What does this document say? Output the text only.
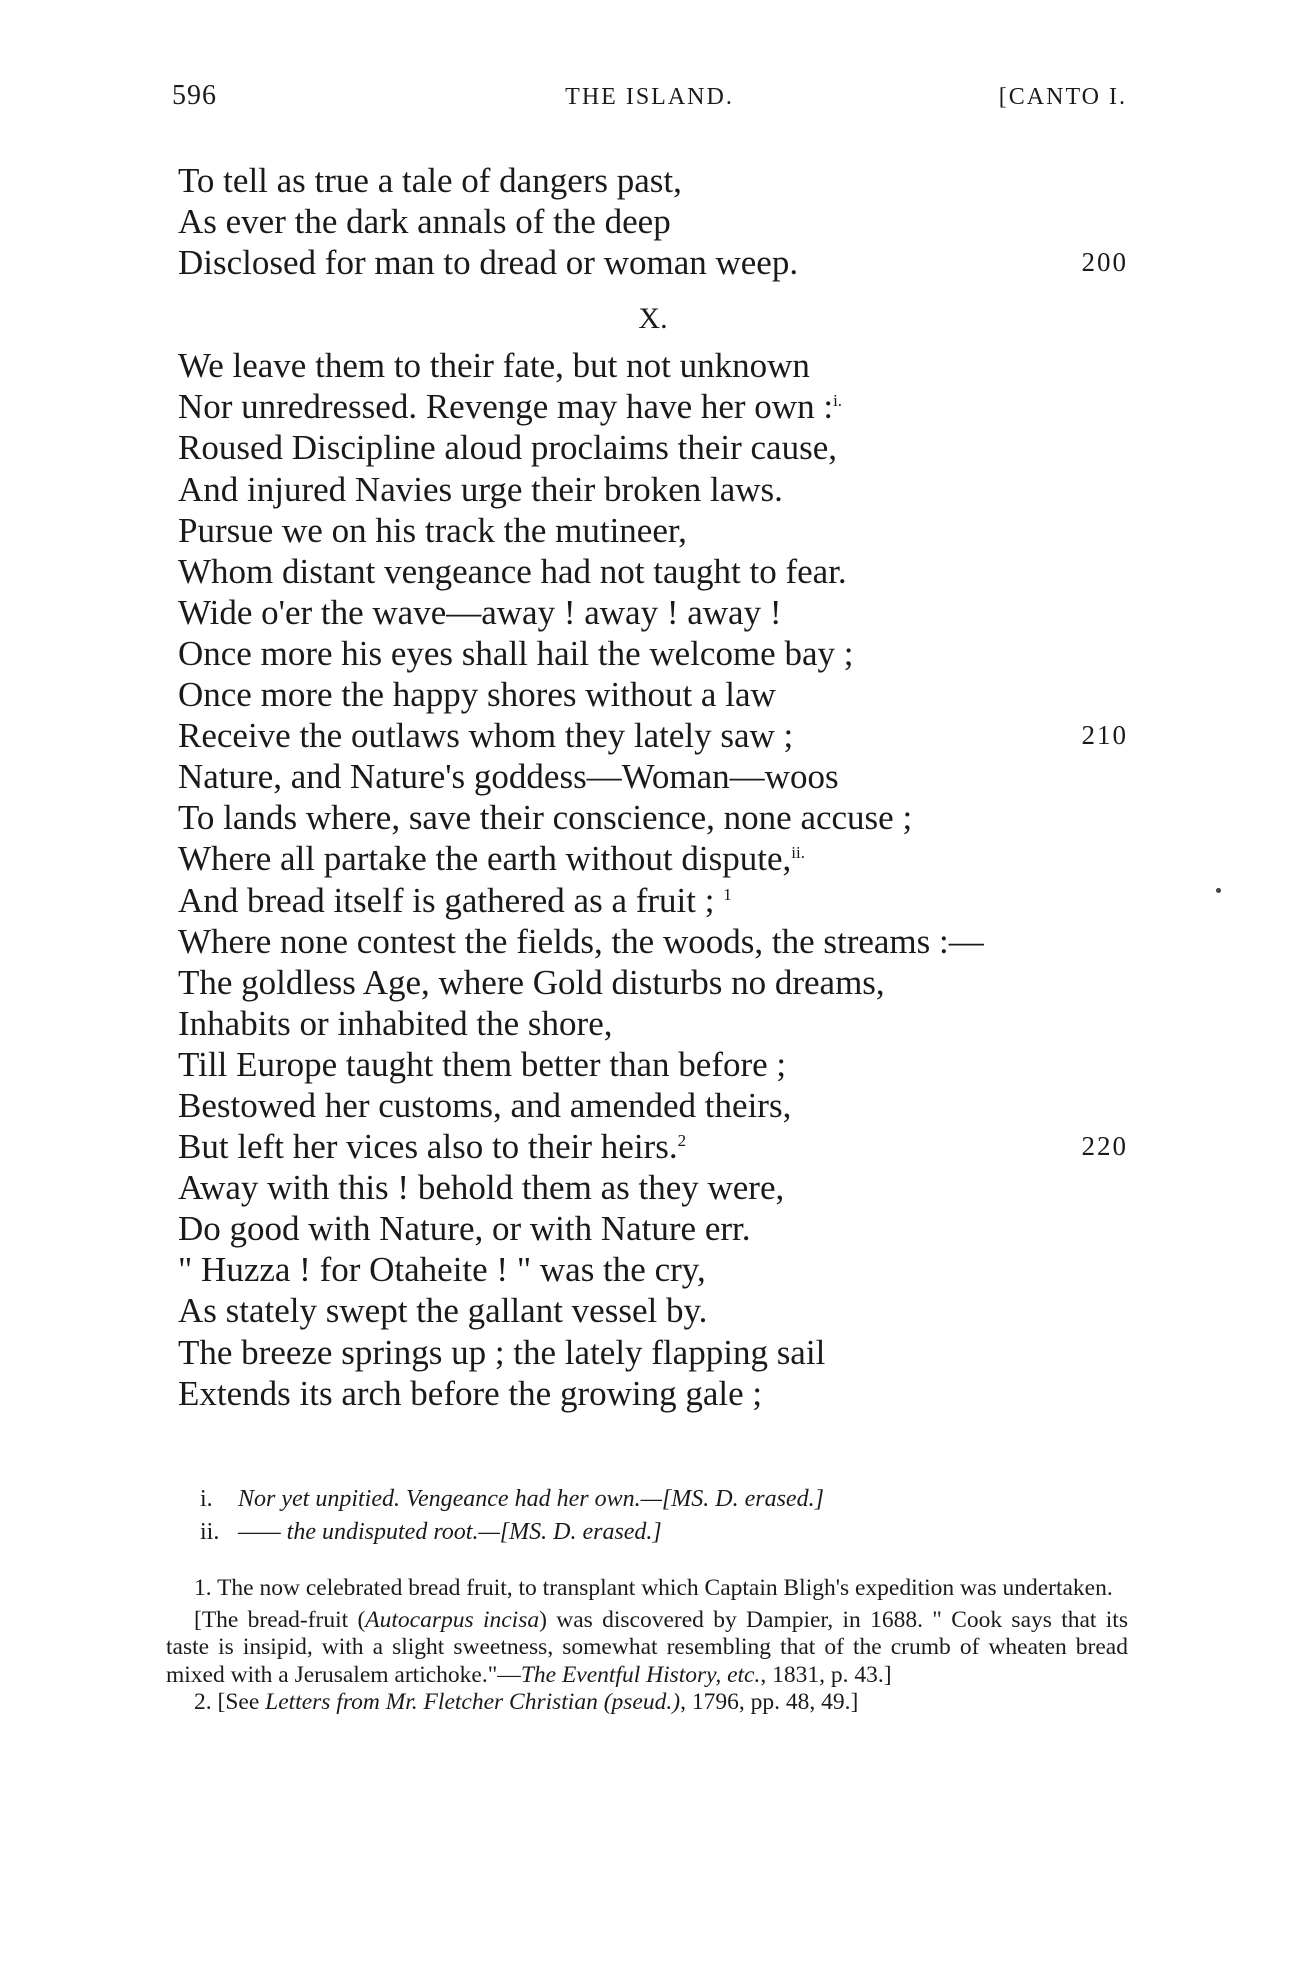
596	THE ISLAND.	[CANTO I.
To tell as true a tale of dangers past,
As ever the dark annals of the deep
Disclosed for man to dread or woman weep.	200
X.
We leave them to their fate, but not unknown
Nor unredressed. Revenge may have her own :$^{i.}$
Roused Discipline aloud proclaims their cause,
And injured Navies urge their broken laws.
Pursue we on his track the mutineer,
Whom distant vengeance had not taught to fear.
Wide o'er the wave—away ! away ! away !
Once more his eyes shall hail the welcome bay ;
Once more the happy shores without a law
Receive the outlaws whom they lately saw ;	210
Nature, and Nature's goddess—Woman—woos
To lands where, save their conscience, none accuse ;
Where all partake the earth without dispute,$^{ii.}$
And bread itself is gathered as a fruit ; $^1$
Where none contest the fields, the woods, the streams :—
The goldless Age, where Gold disturbs no dreams,
Inhabits or inhabited the shore,
Till Europe taught them better than before ;
Bestowed her customs, and amended theirs,
But left her vices also to their heirs.$^2$	220
Away with this ! behold them as they were,
Do good with Nature, or with Nature err.
" Huzza ! for Otaheite ! " was the cry,
As stately swept the gallant vessel by.
The breeze springs up ; the lately flapping sail
Extends its arch before the growing gale ;
i. Nor yet unpitied. Vengeance had her own.—[MS. D. erased.]
ii. —— the undisputed root.—[MS. D. erased.]

1. The now celebrated bread fruit, to transplant which Captain Bligh's expedition was undertaken.

[The bread-fruit (Autocarpus incisa) was discovered by Dampier, in 1688. " Cook says that its taste is insipid, with a slight sweetness, somewhat resembling that of the crumb of wheaten bread mixed with a Jerusalem artichoke."—The Eventful History, etc., 1831, p. 43.]

2. [See Letters from Mr. Fletcher Christian (pseud.), 1796, pp. 48, 49.]
